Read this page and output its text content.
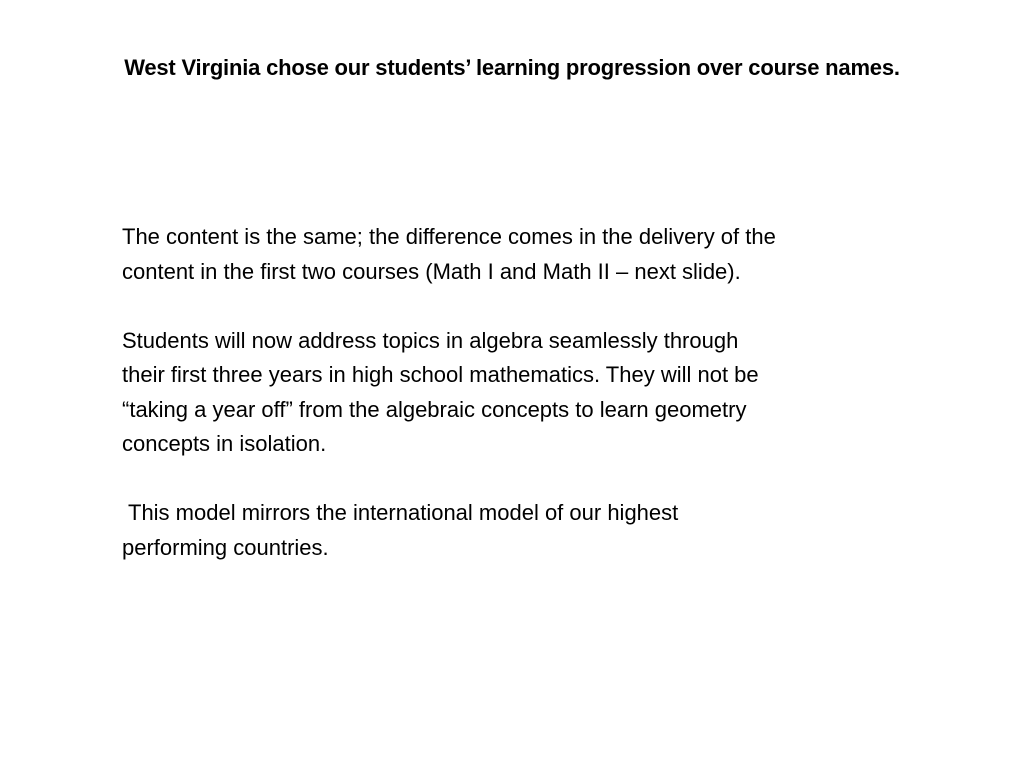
West Virginia chose our students’ learning progression over course names.

The content is the same; the difference comes in the delivery of the
content in the first two courses (Math I and Math II – next slide).

Students will now address topics in algebra seamlessly through
their first three years in high school mathematics. They will not be
“taking a year off” from the algebraic concepts to learn geometry
concepts in isolation.

This model mirrors the international model of our highest
performing countries.
